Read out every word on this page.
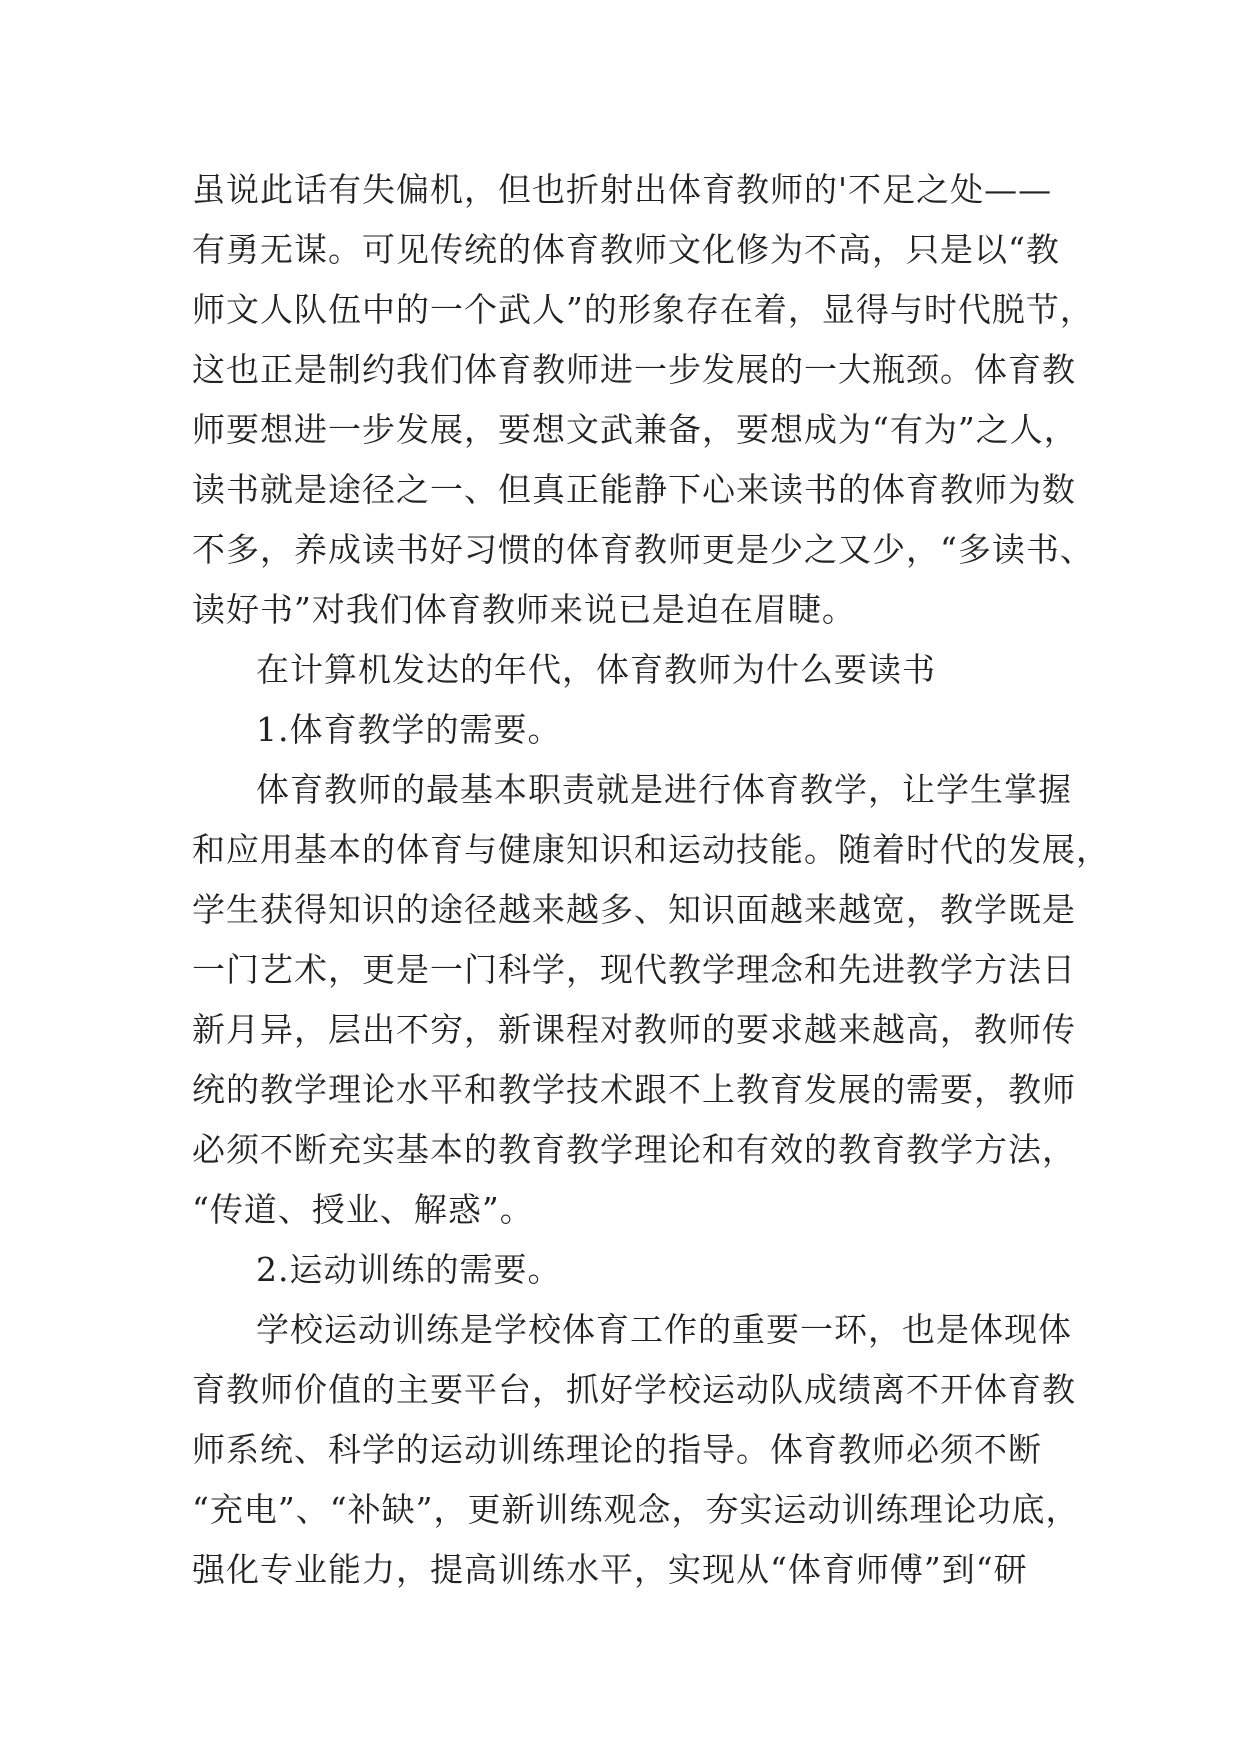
虽说此话有失偏机，但也折射出体育教师的'不足之处——
有勇无谋。可见传统的体育教师文化修为不高，只是以“教
师文人队伍中的一个武人”的形象存在着，显得与时代脱节，
这也正是制约我们体育教师进一步发展的一大瓶颈。体育教
师要想进一步发展，要想文武兼备，要想成为“有为”之人，
读书就是途径之一、但真正能静下心来读书的体育教师为数
不多，养成读书好习惯的体育教师更是少之又少，“多读书、
读好书”对我们体育教师来说已是迫在眉睫。
在计算机发达的年代，体育教师为什么要读书
1.体育教学的需要。
体育教师的最基本职责就是进行体育教学，让学生掌握
和应用基本的体育与健康知识和运动技能。随着时代的发展，
学生获得知识的途径越来越多、知识面越来越宽，教学既是
一门艺术，更是一门科学，现代教学理念和先进教学方法日
新月异，层出不穷，新课程对教师的要求越来越高，教师传
统的教学理论水平和教学技术跟不上教育发展的需要，教师
必须不断充实基本的教育教学理论和有效的教育教学方法，
“传道、授业、解惑”。
2.运动训练的需要。
学校运动训练是学校体育工作的重要一环，也是体现体
育教师价值的主要平台，抓好学校运动队成绩离不开体育教
师系统、科学的运动训练理论的指导。体育教师必须不断
“充电”、“补缺”，更新训练观念，夯实运动训练理论功底，
强化专业能力，提高训练水平，实现从“体育师傅”到“研
